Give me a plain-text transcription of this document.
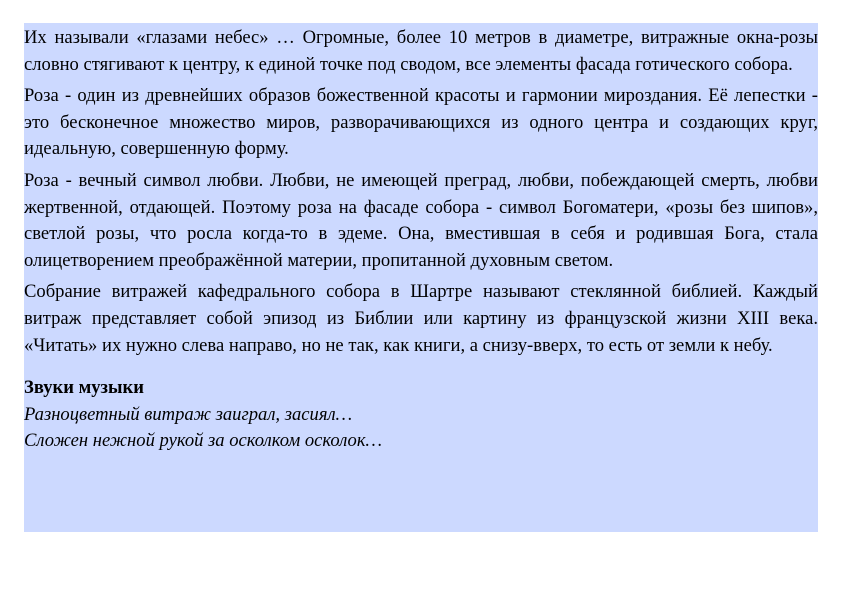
Их называли «глазами небес» … Огромные, более 10 метров в диаметре, витражные окна-розы словно стягивают к центру, к единой точке под сводом, все элементы фасада готического собора.

Роза - один из древнейших образов божественной красоты и гармонии мироздания. Её лепестки - это бесконечное множество миров, разворачивающихся из одного центра и создающих круг, идеальную, совершенную форму.

Роза - вечный символ любви. Любви, не имеющей преград, любви, побеждающей смерть, любви жертвенной, отдающей. Поэтому роза на фасаде собора - символ Богоматери, «розы без шипов», светлой розы, что росла когда-то в эдеме. Она, вместившая в себя и родившая Бога, стала олицетворением преображённой материи, пропитанной духовным светом.

Собрание витражей кафедрального собора в Шартре называют стеклянной библией. Каждый витраж представляет собой эпизод из Библии или картину из французской жизни XIII века. «Читать» их нужно слева направо, но не так, как книги, а снизу-вверх, то есть от земли к небу.

Звуки музыки

Разноцветный витраж заиграл, засиял…

Сложен нежной рукой за осколком осколок…
